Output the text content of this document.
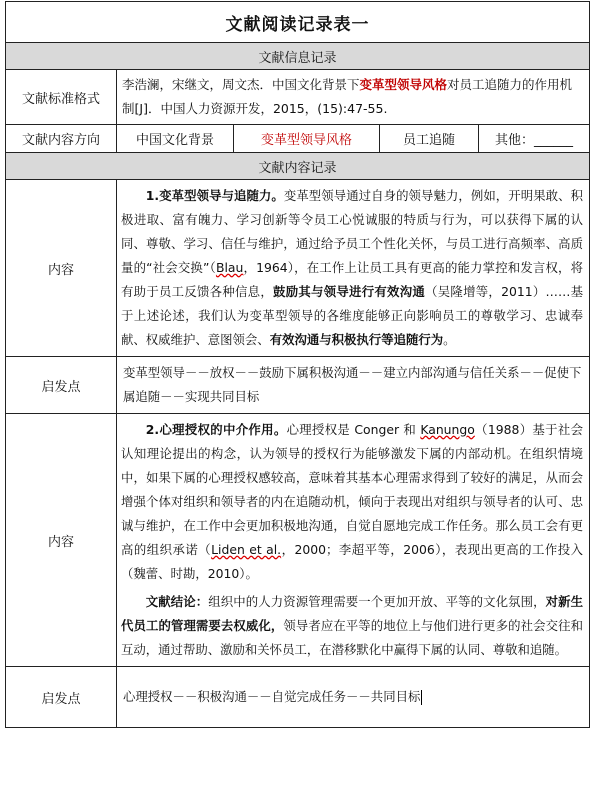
文献阅读记录表一				
文献信息记录				
文献标准格式	李浩澜，宋继文，周文杰．中国文化背景下变革型领导风格对员工追随力的作用机制[J]．中国人力资源开发，2015，(15):47-55.			
文献内容方向	中国文化背景	变革型领导风格	员工追随	其他：______
文献内容记录				
内容	1.变革型领导与追随力。变革型领导通过自身的领导魅力，例如，开明果敢、积极进取、富有魄力、学习创新等令员工心悦诚服的特质与行为，可以获得下属的认同、尊敬、学习、信任与维护，通过给予员工个性化关怀，与员工进行高频率、高质量的“社会交换”（Blau，1964），在工作上让员工具有更高的能力掌控和发言权，将有助于员工反馈各种信息，鼓励其与领导进行有效沟通（吴隆增等，2011）……基于上述论述，我们认为变革型领导的各维度能够正向影响员工的尊敬学习、忠诚奉献、权威维护、意图领会、有效沟通与积极执行等追随行为。			

启发点	变革型领导－－放权－－鼓励下属积极沟通－－建立内部沟通与信任关系－－促使下属追随－－实现共同目标			
内容	2.心理授权的中介作用。心理授权是 Conger 和 Kanungo（1988）基于社会认知理论提出的构念，认为领导的授权行为能够激发下属的内部动机。在组织情境中，如果下属的心理授权感较高，意味着其基本心理需求得到了较好的满足，从而会增强个体对组织和领导者的内在追随动机，倾向于表现出对组织与领导者的认可、忠诚与维护，在工作中会更加积极地沟通，自觉自愿地完成工作任务。那么员工会有更高的组织承诺（Liden et al.，2000；李超平等，2006），表现出更高的工作投入（魏蕾、时勘，2010）。

文献结论：组织中的人力资源管理需要一个更加开放、平等的文化氛围，对新生代员工的管理需要去权威化，领导者应在平等的地位上与他们进行更多的社会交往和互动，通过帮助、激励和关怀员工，在潜移默化中赢得下属的认同、尊敬和追随。			

启发点	心理授权－－积极沟通－－自觉完成任务－－共同目标			
